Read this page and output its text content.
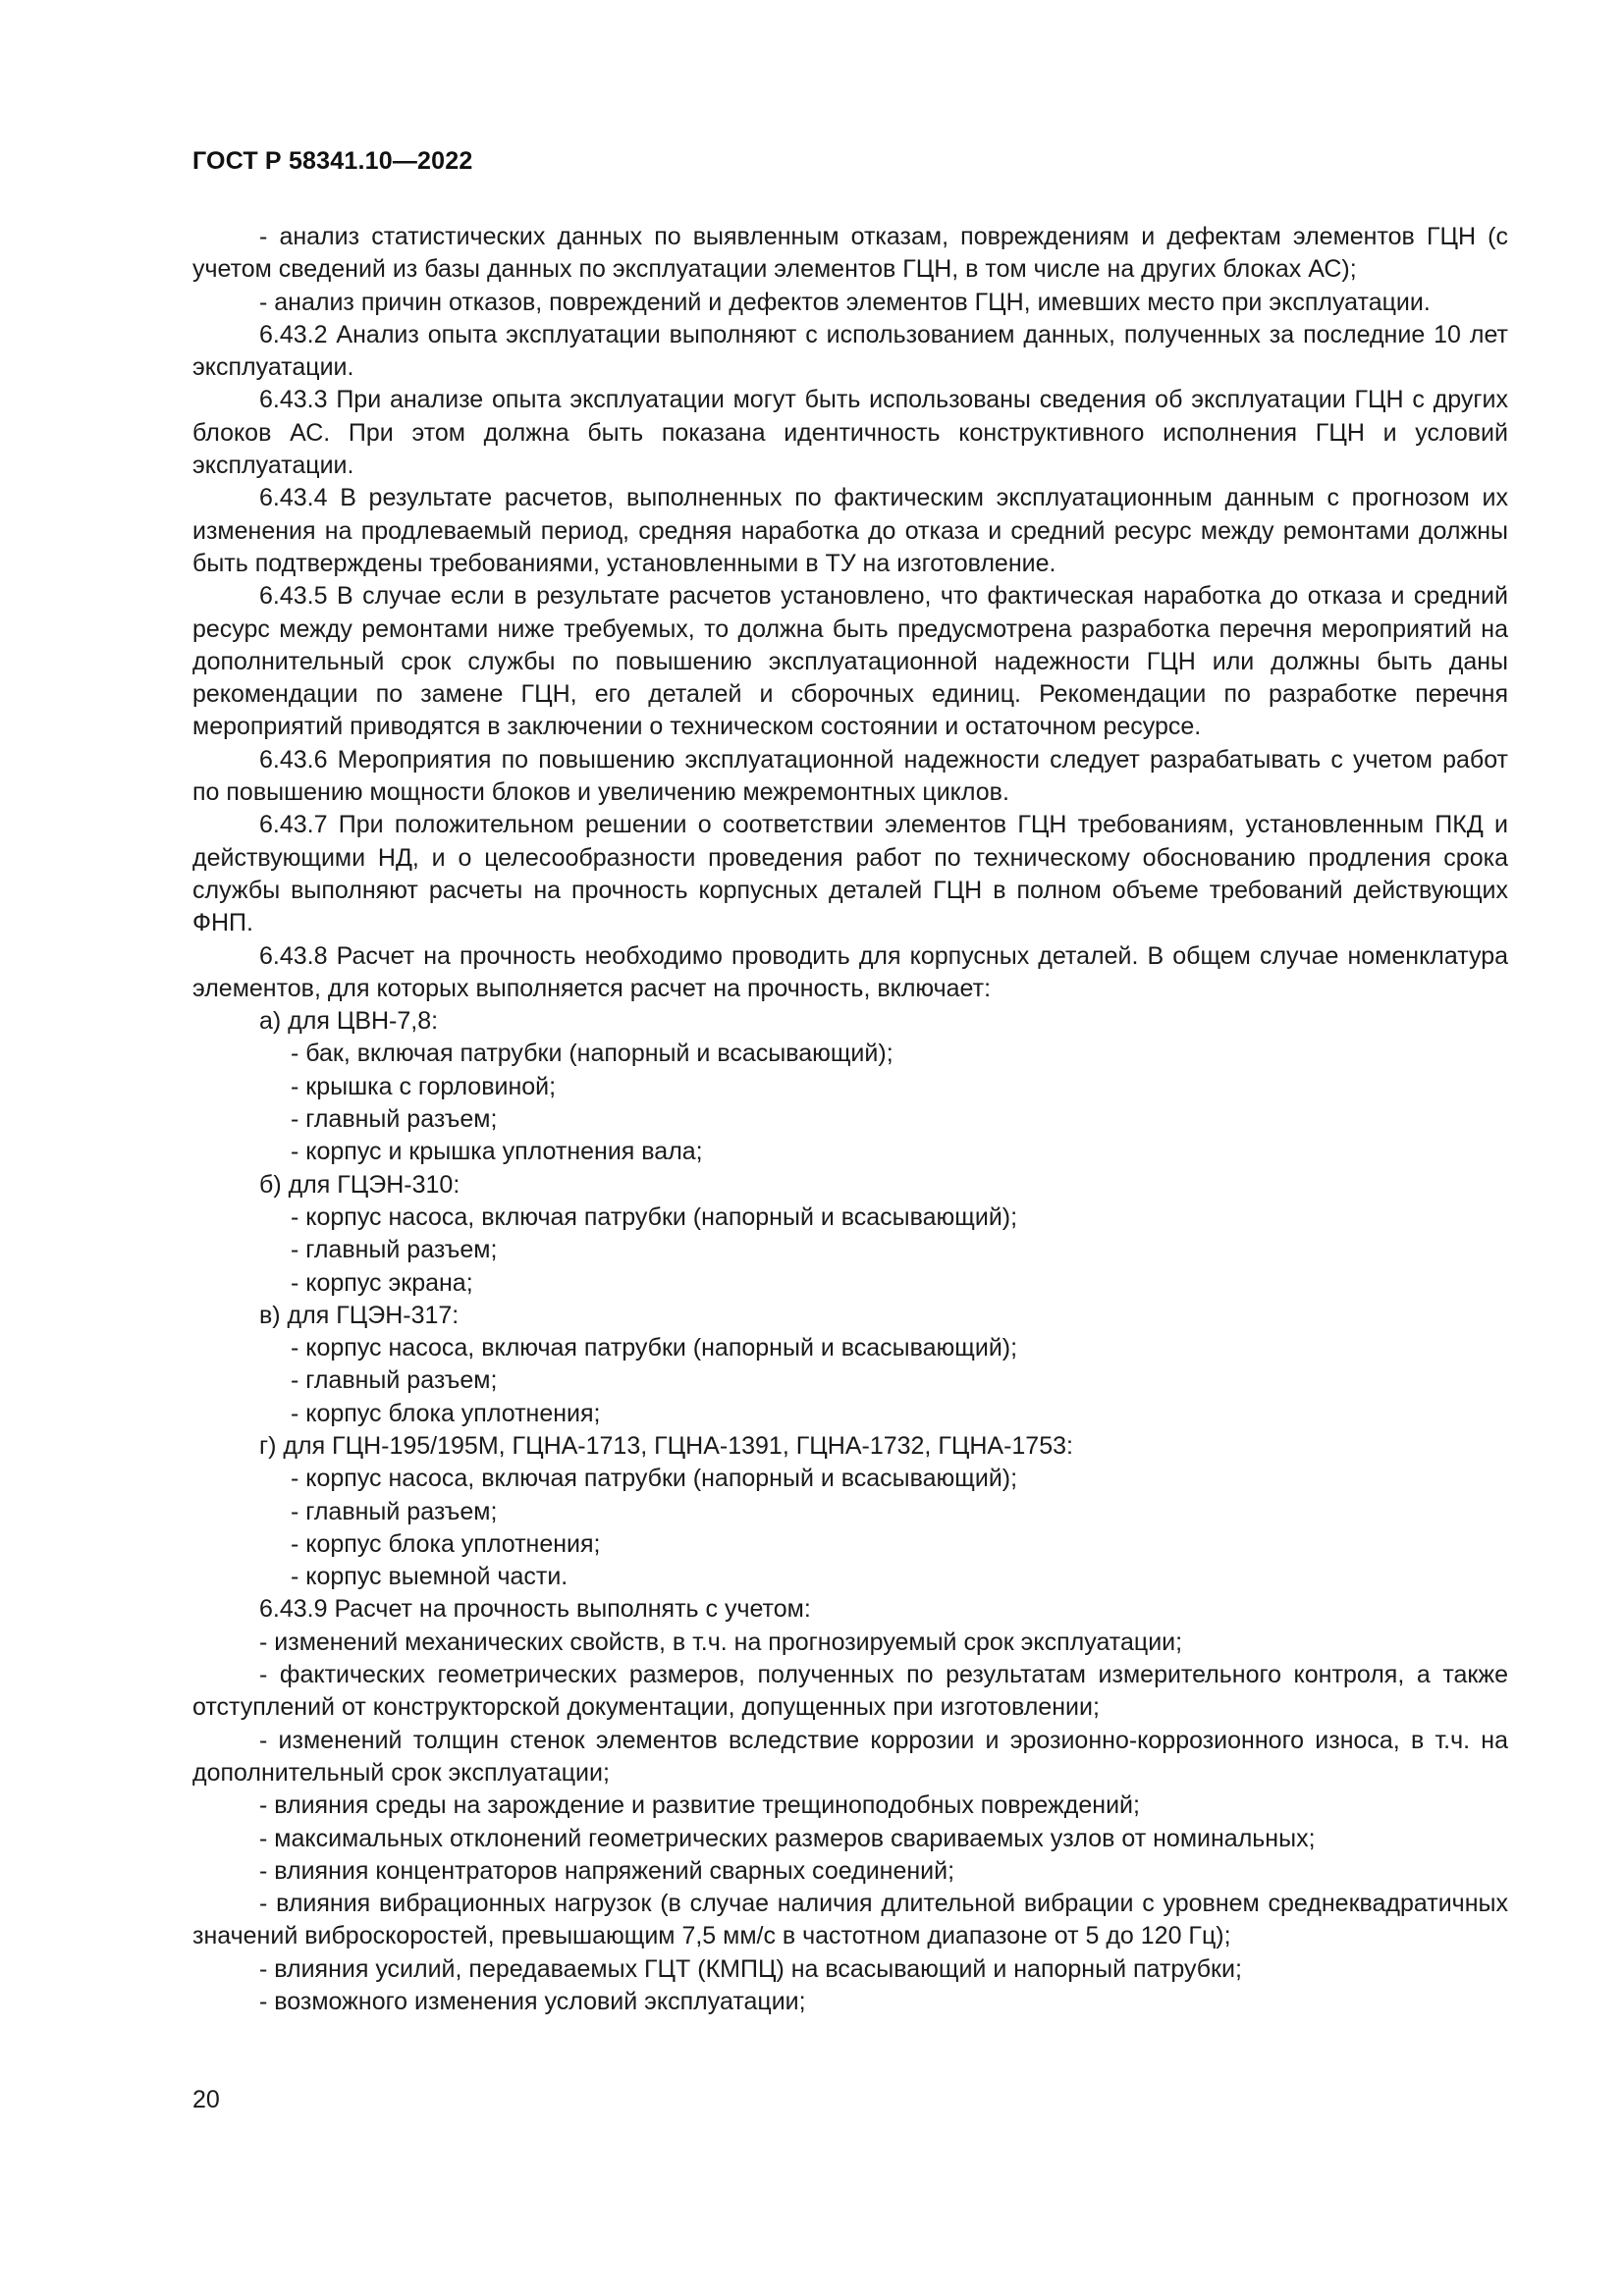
ГОСТ Р 58341.10—2022

- анализ статистических данных по выявленным отказам, повреждениям и дефектам элементов ГЦН (с учетом сведений из базы данных по эксплуатации элементов ГЦН, в том числе на других блоках АС);

- анализ причин отказов, повреждений и дефектов элементов ГЦН, имевших место при эксплуатации.

6.43.2 Анализ опыта эксплуатации выполняют с использованием данных, полученных за последние 10 лет эксплуатации.

6.43.3 При анализе опыта эксплуатации могут быть использованы сведения об эксплуатации ГЦН с других блоков АС. При этом должна быть показана идентичность конструктивного исполнения ГЦН и условий эксплуатации.

6.43.4 В результате расчетов, выполненных по фактическим эксплуатационным данным с прогнозом их изменения на продлеваемый период, средняя наработка до отказа и средний ресурс между ремонтами должны быть подтверждены требованиями, установленными в ТУ на изготовление.

6.43.5 В случае если в результате расчетов установлено, что фактическая наработка до отказа и средний ресурс между ремонтами ниже требуемых, то должна быть предусмотрена разработка перечня мероприятий на дополнительный срок службы по повышению эксплуатационной надежности ГЦН или должны быть даны рекомендации по замене ГЦН, его деталей и сборочных единиц. Рекомендации по разработке перечня мероприятий приводятся в заключении о техническом состоянии и остаточном ресурсе.

6.43.6 Мероприятия по повышению эксплуатационной надежности следует разрабатывать с учетом работ по повышению мощности блоков и увеличению межремонтных циклов.

6.43.7 При положительном решении о соответствии элементов ГЦН требованиям, установленным ПКД и действующими НД, и о целесообразности проведения работ по техническому обоснованию продления срока службы выполняют расчеты на прочность корпусных деталей ГЦН в полном объеме требований действующих ФНП.

6.43.8 Расчет на прочность необходимо проводить для корпусных деталей. В общем случае номенклатура элементов, для которых выполняется расчет на прочность, включает:

а) для ЦВН-7,8:

- бак, включая патрубки (напорный и всасывающий);

- крышка с горловиной;

- главный разъем;

- корпус и крышка уплотнения вала;

б) для ГЦЭН-310:

- корпус насоса, включая патрубки (напорный и всасывающий);

- главный разъем;

- корпус экрана;

в) для ГЦЭН-317:

- корпус насоса, включая патрубки (напорный и всасывающий);

- главный разъем;

- корпус блока уплотнения;

г) для ГЦН-195/195М, ГЦНА-1713, ГЦНА-1391, ГЦНА-1732, ГЦНА-1753:

- корпус насоса, включая патрубки (напорный и всасывающий);

- главный разъем;

- корпус блока уплотнения;

- корпус выемной части.

6.43.9 Расчет на прочность выполнять с учетом:

- изменений механических свойств, в т.ч. на прогнозируемый срок эксплуатации;

- фактических геометрических размеров, полученных по результатам измерительного контроля, а также отступлений от конструкторской документации, допущенных при изготовлении;

- изменений толщин стенок элементов вследствие коррозии и эрозионно-коррозионного износа, в т.ч. на дополнительный срок эксплуатации;

- влияния среды на зарождение и развитие трещиноподобных повреждений;

- максимальных отклонений геометрических размеров свариваемых узлов от номинальных;

- влияния концентраторов напряжений сварных соединений;

- влияния вибрационных нагрузок (в случае наличия длительной вибрации с уровнем среднеквадратичных значений виброскоростей, превышающим 7,5 мм/с в частотном диапазоне от 5 до 120 Гц);

- влияния усилий, передаваемых ГЦТ (КМПЦ) на всасывающий и напорный патрубки;

- возможного изменения условий эксплуатации;

20
